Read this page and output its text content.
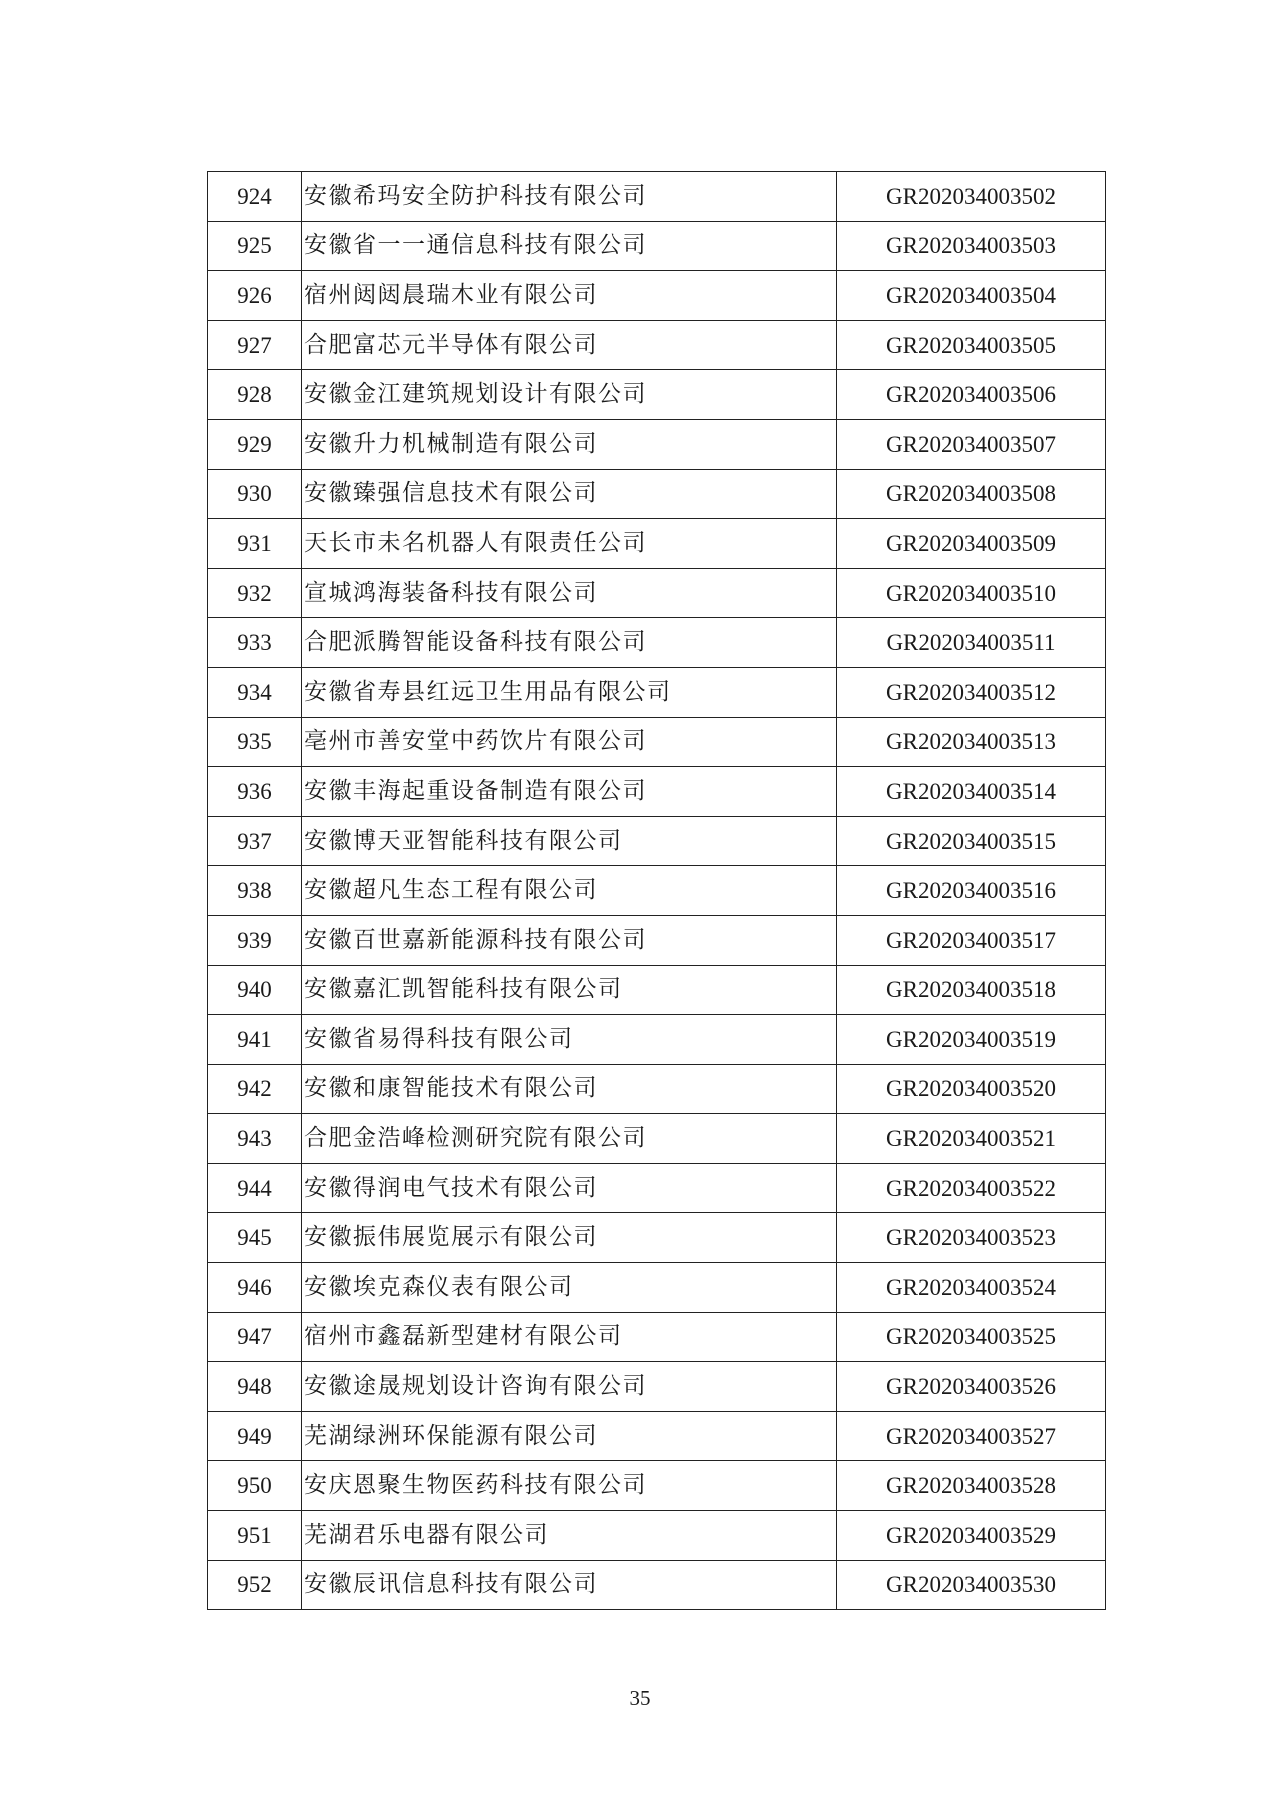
924	安徽希玛安全防护科技有限公司	GR202034003502
925	安徽省一一通信息科技有限公司	GR202034003503
926	宿州闼闼晨瑞木业有限公司	GR202034003504
927	合肥富芯元半导体有限公司	GR202034003505
928	安徽金江建筑规划设计有限公司	GR202034003506
929	安徽升力机械制造有限公司	GR202034003507
930	安徽臻强信息技术有限公司	GR202034003508
931	天长市未名机器人有限责任公司	GR202034003509
932	宣城鸿海装备科技有限公司	GR202034003510
933	合肥派腾智能设备科技有限公司	GR202034003511
934	安徽省寿县红远卫生用品有限公司	GR202034003512
935	亳州市善安堂中药饮片有限公司	GR202034003513
936	安徽丰海起重设备制造有限公司	GR202034003514
937	安徽博天亚智能科技有限公司	GR202034003515
938	安徽超凡生态工程有限公司	GR202034003516
939	安徽百世嘉新能源科技有限公司	GR202034003517
940	安徽嘉汇凯智能科技有限公司	GR202034003518
941	安徽省易得科技有限公司	GR202034003519
942	安徽和康智能技术有限公司	GR202034003520
943	合肥金浩峰检测研究院有限公司	GR202034003521
944	安徽得润电气技术有限公司	GR202034003522
945	安徽振伟展览展示有限公司	GR202034003523
946	安徽埃克森仪表有限公司	GR202034003524
947	宿州市鑫磊新型建材有限公司	GR202034003525
948	安徽途晟规划设计咨询有限公司	GR202034003526
949	芜湖绿洲环保能源有限公司	GR202034003527
950	安庆恩聚生物医药科技有限公司	GR202034003528
951	芜湖君乐电器有限公司	GR202034003529
952	安徽辰讯信息科技有限公司	GR202034003530
35
